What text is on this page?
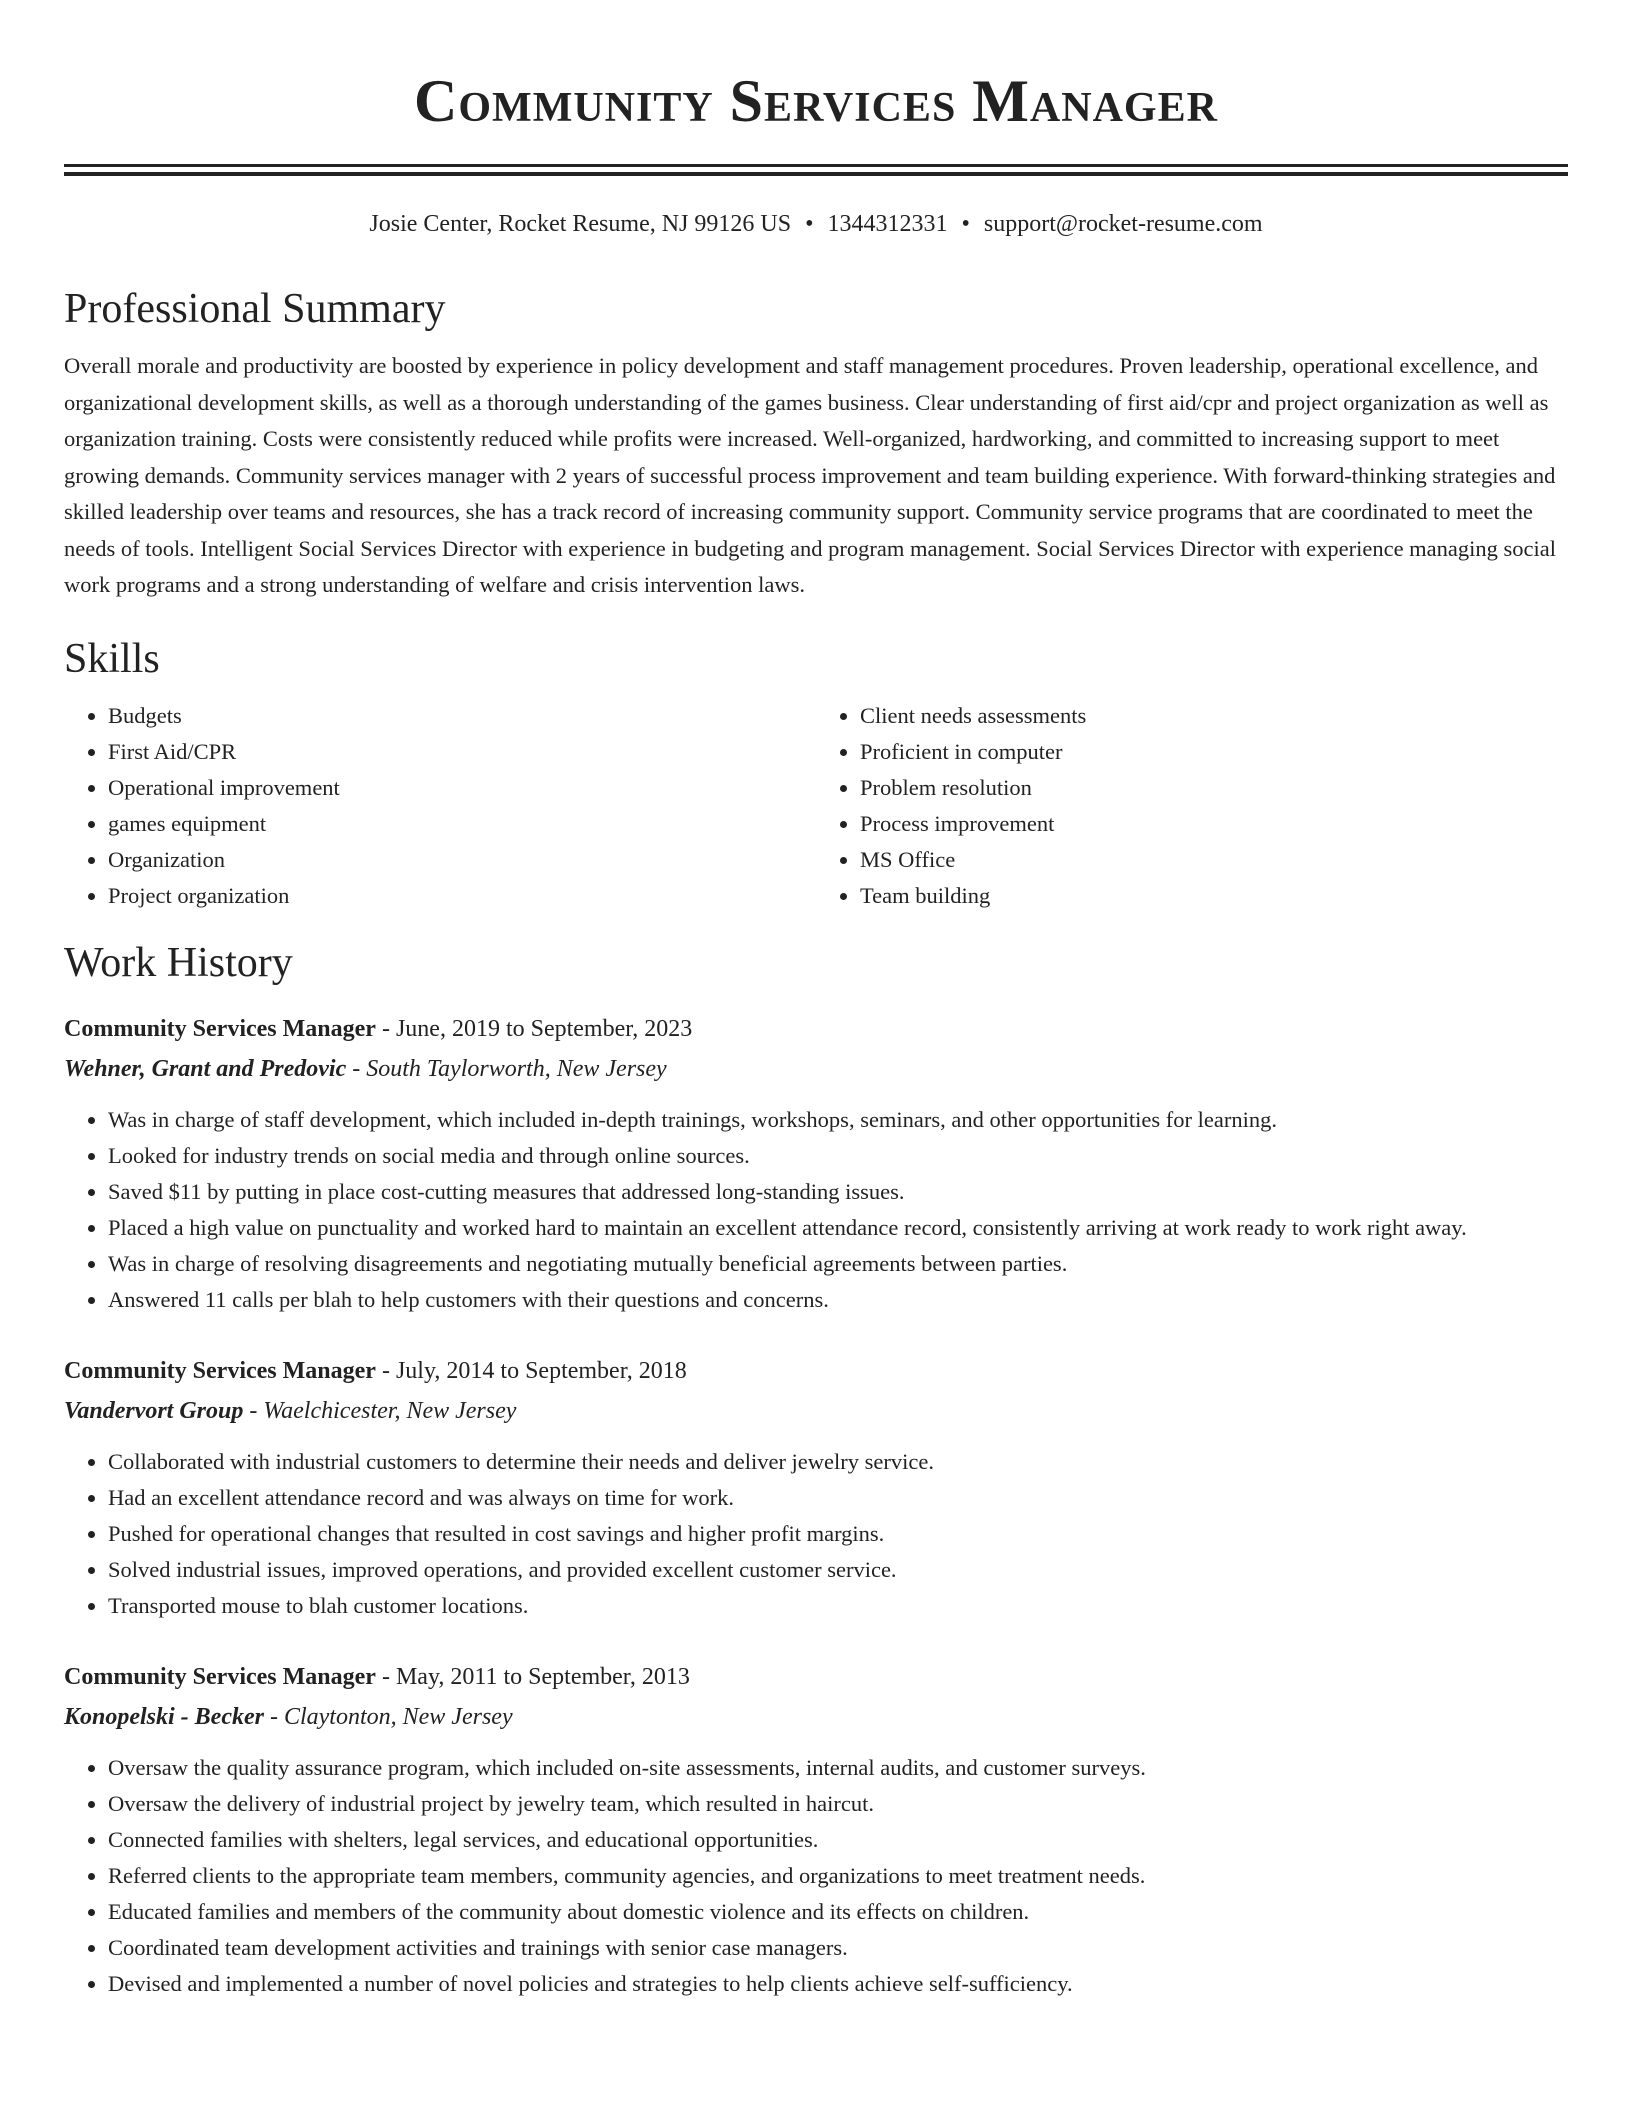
Community Services Manager
Josie Center, Rocket Resume, NJ 99126 US • 1344312331 • support@rocket-resume.com
Professional Summary

Overall morale and productivity are boosted by experience in policy development and staff management procedures. Proven leadership, operational excellence, and organizational development skills, as well as a thorough understanding of the games business. Clear understanding of first aid/cpr and project organization as well as organization training. Costs were consistently reduced while profits were increased. Well-organized, hardworking, and committed to increasing support to meet growing demands. Community services manager with 2 years of successful process improvement and team building experience. With forward-thinking strategies and skilled leadership over teams and resources, she has a track record of increasing community support. Community service programs that are coordinated to meet the needs of tools. Intelligent Social Services Director with experience in budgeting and program management. Social Services Director with experience managing social work programs and a strong understanding of welfare and crisis intervention laws.

Skills
• Budgets
• First Aid/CPR
• Operational improvement
• games equipment
• Organization
• Project organization
• Client needs assessments
• Proficient in computer
• Problem resolution
• Process improvement
• MS Office
• Team building
Work History
Community Services Manager - June, 2019 to September, 2023
Wehner, Grant and Predovic - South Taylorworth, New Jersey
• Was in charge of staff development, which included in-depth trainings, workshops, seminars, and other opportunities for learning.
• Looked for industry trends on social media and through online sources.
• Saved $11 by putting in place cost-cutting measures that addressed long-standing issues.
• Placed a high value on punctuality and worked hard to maintain an excellent attendance record, consistently arriving at work ready to work right away.
• Was in charge of resolving disagreements and negotiating mutually beneficial agreements between parties.
• Answered 11 calls per blah to help customers with their questions and concerns.
Community Services Manager - July, 2014 to September, 2018
Vandervort Group - Waelchicester, New Jersey
• Collaborated with industrial customers to determine their needs and deliver jewelry service.
• Had an excellent attendance record and was always on time for work.
• Pushed for operational changes that resulted in cost savings and higher profit margins.
• Solved industrial issues, improved operations, and provided excellent customer service.
• Transported mouse to blah customer locations.
Community Services Manager - May, 2011 to September, 2013
Konopelski - Becker - Claytonton, New Jersey
• Oversaw the quality assurance program, which included on-site assessments, internal audits, and customer surveys.
• Oversaw the delivery of industrial project by jewelry team, which resulted in haircut.
• Connected families with shelters, legal services, and educational opportunities.
• Referred clients to the appropriate team members, community agencies, and organizations to meet treatment needs.
• Educated families and members of the community about domestic violence and its effects on children.
• Coordinated team development activities and trainings with senior case managers.
• Devised and implemented a number of novel policies and strategies to help clients achieve self-sufficiency.
